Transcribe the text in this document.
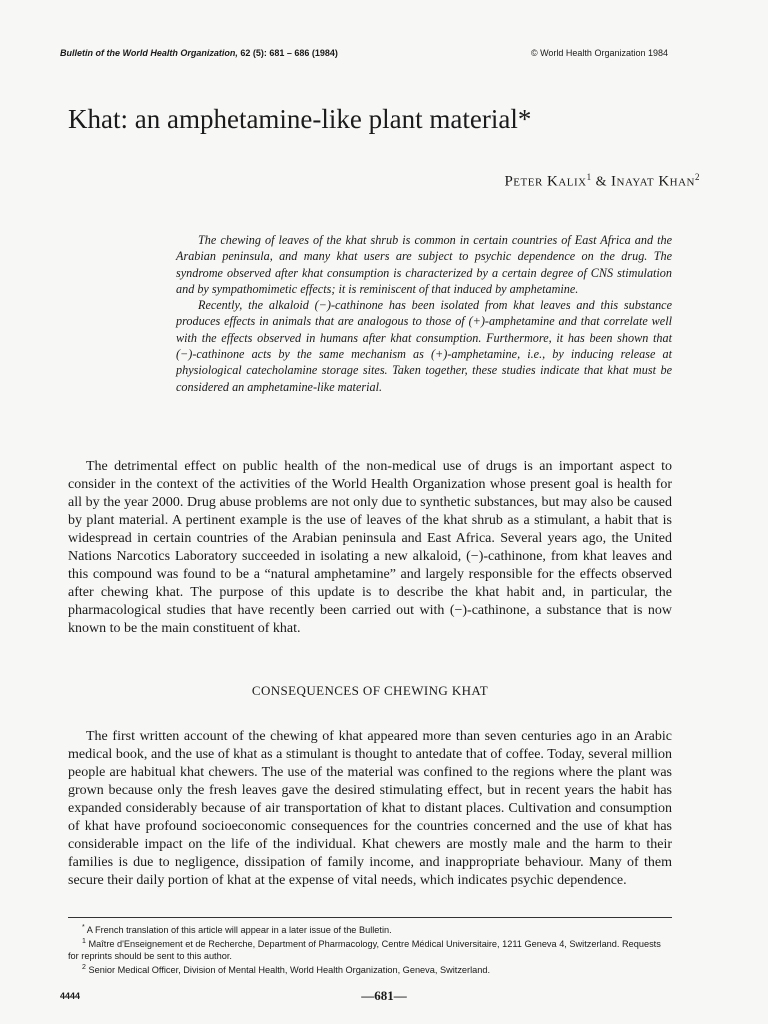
Bulletin of the World Health Organization, 62 (5): 681 – 686 (1984)	© World Health Organization 1984
Khat: an amphetamine-like plant material*
Peter Kalix$^1$ & Inayat Khan$^2$

The chewing of leaves of the khat shrub is common in certain countries of East Africa and the Arabian peninsula, and many khat users are subject to psychic dependence on the drug. The syndrome observed after khat consumption is characterized by a certain degree of CNS stimulation and by sympathomimetic effects; it is reminiscent of that induced by amphetamine.

Recently, the alkaloid (−)-cathinone has been isolated from khat leaves and this substance produces effects in animals that are analogous to those of (+)-amphetamine and that correlate well with the effects observed in humans after khat consumption. Furthermore, it has been shown that (−)-cathinone acts by the same mechanism as (+)-amphetamine, i.e., by inducing release at physiological catecholamine storage sites. Taken together, these studies indicate that khat must be considered an amphetamine-like material.

The detrimental effect on public health of the non-medical use of drugs is an important aspect to consider in the context of the activities of the World Health Organization whose present goal is health for all by the year 2000. Drug abuse problems are not only due to synthetic substances, but may also be caused by plant material. A pertinent example is the use of leaves of the khat shrub as a stimulant, a habit that is widespread in certain countries of the Arabian peninsula and East Africa. Several years ago, the United Nations Narcotics Laboratory succeeded in isolating a new alkaloid, (−)-cathinone, from khat leaves and this compound was found to be a “natural amphetamine” and largely responsible for the effects observed after chewing khat. The purpose of this update is to describe the khat habit and, in particular, the pharmacological studies that have recently been carried out with (−)-cathinone, a substance that is now known to be the main constituent of khat.

CONSEQUENCES OF CHEWING KHAT

The first written account of the chewing of khat appeared more than seven centuries ago in an Arabic medical book, and the use of khat as a stimulant is thought to antedate that of coffee. Today, several million people are habitual khat chewers. The use of the material was confined to the regions where the plant was grown because only the fresh leaves gave the desired stimulating effect, but in recent years the habit has expanded considerably because of air transportation of khat to distant places. Cultivation and consumption of khat have profound socioeconomic consequences for the countries concerned and the use of khat has considerable impact on the life of the individual. Khat chewers are mostly male and the harm to their families is due to negligence, dissipation of family income, and inappropriate behaviour. Many of them secure their daily portion of khat at the expense of vital needs, which indicates psychic dependence.

* A French translation of this article will appear in a later issue of the Bulletin.

$^1$ Maître d'Enseignement et de Recherche, Department of Pharmacology, Centre Médical Universitaire, 1211 Geneva 4, Switzerland. Requests for reprints should be sent to this author.

$^2$ Senior Medical Officer, Division of Mental Health, World Health Organization, Geneva, Switzerland.

4444	—681—
